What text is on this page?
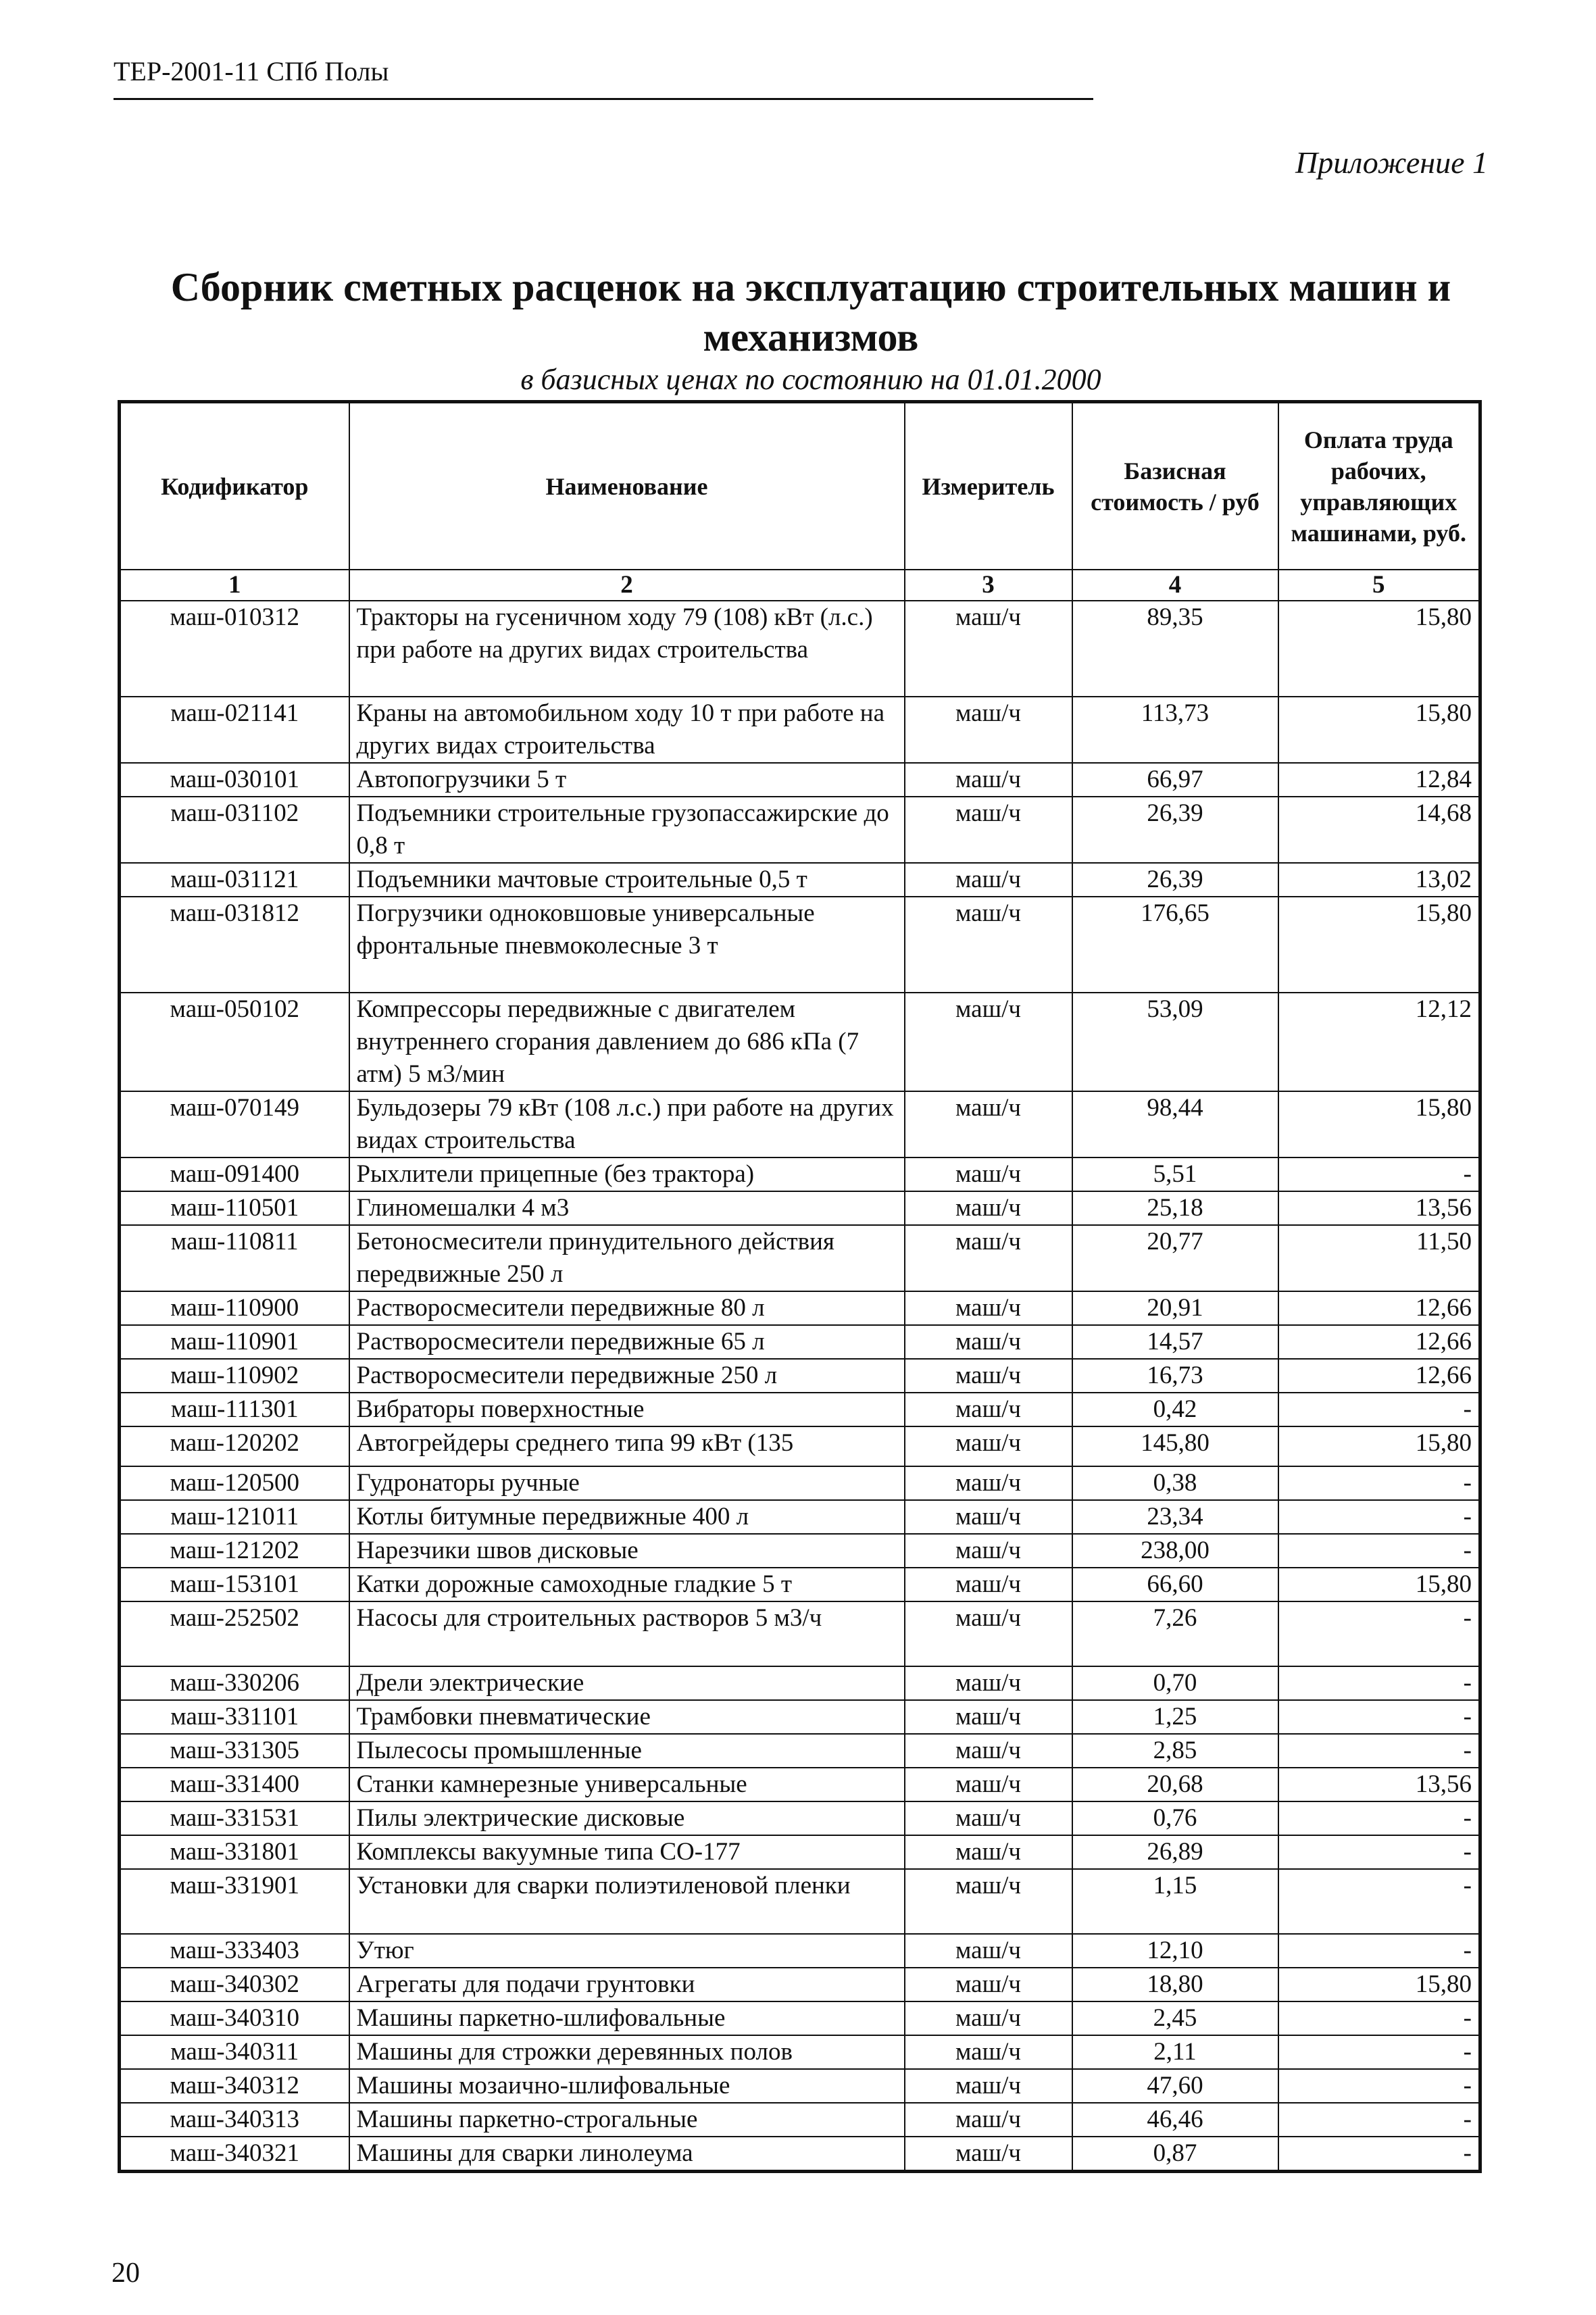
ТЕР-2001-11 СПб Полы
Приложение 1
Сборник сметных расценок на эксплуатацию строительных машин и
механизмов
в базисных ценах по состоянию на 01.01.2000
Кодификатор	Наименование	Измеритель	Базисная стоимость / руб	Оплата труда рабочих, управляющих машинами, руб.
1	2	3	4	5
маш-010312	Тракторы на гусеничном ходу 79 (108) кВт (л.с.) при работе на других видах строительства	маш/ч	89,35	15,80
маш-021141	Краны на автомобильном ходу 10 т при работе на других видах строительства	маш/ч	113,73	15,80
маш-030101	Автопогрузчики 5 т	маш/ч	66,97	12,84
маш-031102	Подъемники строительные грузопассажирские до 0,8 т	маш/ч	26,39	14,68
маш-031121	Подъемники мачтовые строительные 0,5 т	маш/ч	26,39	13,02
маш-031812	Погрузчики одноковшовые универсальные фронтальные пневмоколесные 3 т	маш/ч	176,65	15,80
маш-050102	Компрессоры передвижные с двигателем внутреннего сгорания давлением до 686 кПа (7 атм) 5 м3/мин	маш/ч	53,09	12,12
маш-070149	Бульдозеры 79 кВт (108 л.с.) при работе на других видах строительства	маш/ч	98,44	15,80
маш-091400	Рыхлители прицепные (без трактора)	маш/ч	5,51	-
маш-110501	Глиномешалки 4 м3	маш/ч	25,18	13,56
маш-110811	Бетоносмесители принудительного действия передвижные 250 л	маш/ч	20,77	11,50
маш-110900	Растворосмесители передвижные 80 л	маш/ч	20,91	12,66
маш-110901	Растворосмесители передвижные 65 л	маш/ч	14,57	12,66
маш-110902	Растворосмесители передвижные 250 л	маш/ч	16,73	12,66
маш-111301	Вибраторы поверхностные	маш/ч	0,42	-
маш-120202	Автогрейдеры среднего типа 99 кВт (135	маш/ч	145,80	15,80
маш-120500	Гудронаторы ручные	маш/ч	0,38	-
маш-121011	Котлы битумные передвижные 400 л	маш/ч	23,34	-
маш-121202	Нарезчики швов дисковые	маш/ч	238,00	-
маш-153101	Катки дорожные самоходные гладкие 5 т	маш/ч	66,60	15,80
маш-252502	Насосы для строительных растворов 5 м3/ч	маш/ч	7,26	-
маш-330206	Дрели электрические	маш/ч	0,70	-
маш-331101	Трамбовки пневматические	маш/ч	1,25	-
маш-331305	Пылесосы промышленные	маш/ч	2,85	-
маш-331400	Станки камнерезные универсальные	маш/ч	20,68	13,56
маш-331531	Пилы электрические дисковые	маш/ч	0,76	-
маш-331801	Комплексы вакуумные типа СО-177	маш/ч	26,89	-
маш-331901	Установки для сварки полиэтиленовой пленки	маш/ч	1,15	-
маш-333403	Утюг	маш/ч	12,10	-
маш-340302	Агрегаты для подачи грунтовки	маш/ч	18,80	15,80
маш-340310	Машины паркетно-шлифовальные	маш/ч	2,45	-
маш-340311	Машины для строжки деревянных полов	маш/ч	2,11	-
маш-340312	Машины мозаично-шлифовальные	маш/ч	47,60	-
маш-340313	Машины паркетно-строгальные	маш/ч	46,46	-
маш-340321	Машины для сварки линолеума	маш/ч	0,87	-
20
